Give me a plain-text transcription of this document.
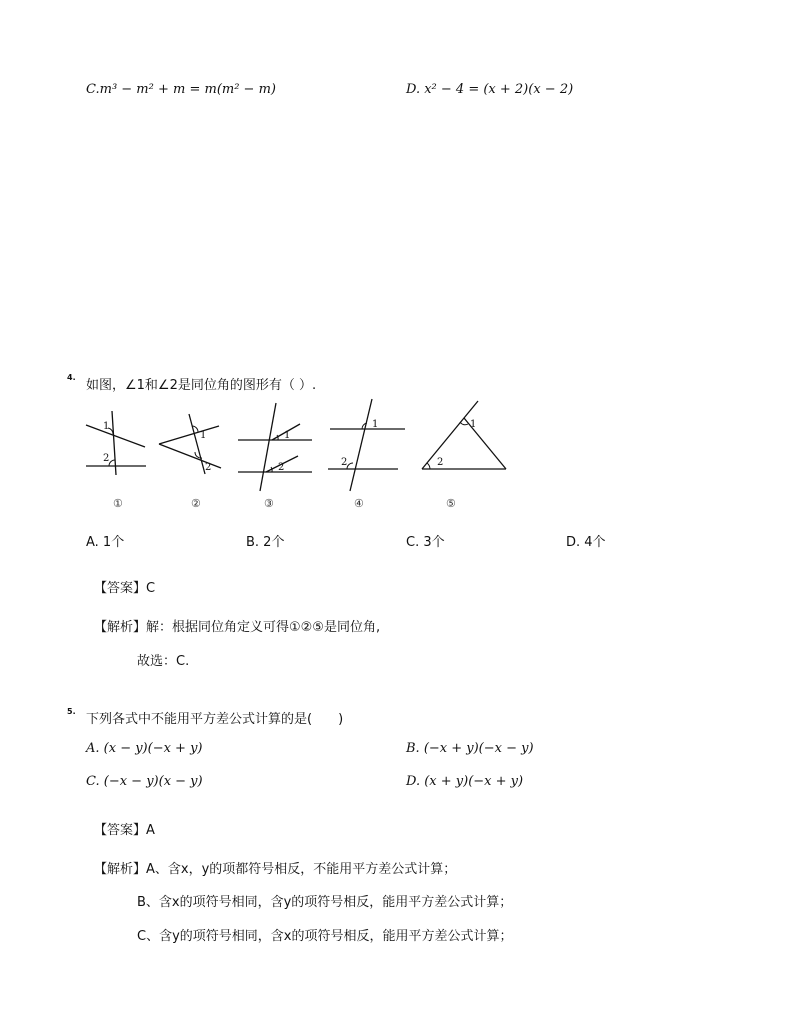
C.m³ − m² + m = m(m² − m)	D. x² − 4 = (x + 2)(x − 2)
4.
如图，∠1和∠2是同位角的图形有（ ）.
1
2
①
1
2
②
1
2
③
1
2
④
1
2
⑤
A. 1个	B. 2个	C. 3个	D. 4个
【答案】C
【解析】解：根据同位角定义可得①②⑤是同位角,
故选：C.
5.
下列各式中不能用平方差公式计算的是(　　)
A. (x − y)(−x + y)	B. (−x + y)(−x − y)
C. (−x − y)(x − y)	D. (x + y)(−x + y)
【答案】A
【解析】A、含x，y的项都符号相反，不能用平方差公式计算；
B、含x的项符号相同，含y的项符号相反，能用平方差公式计算；
C、含y的项符号相同，含x的项符号相反，能用平方差公式计算；
